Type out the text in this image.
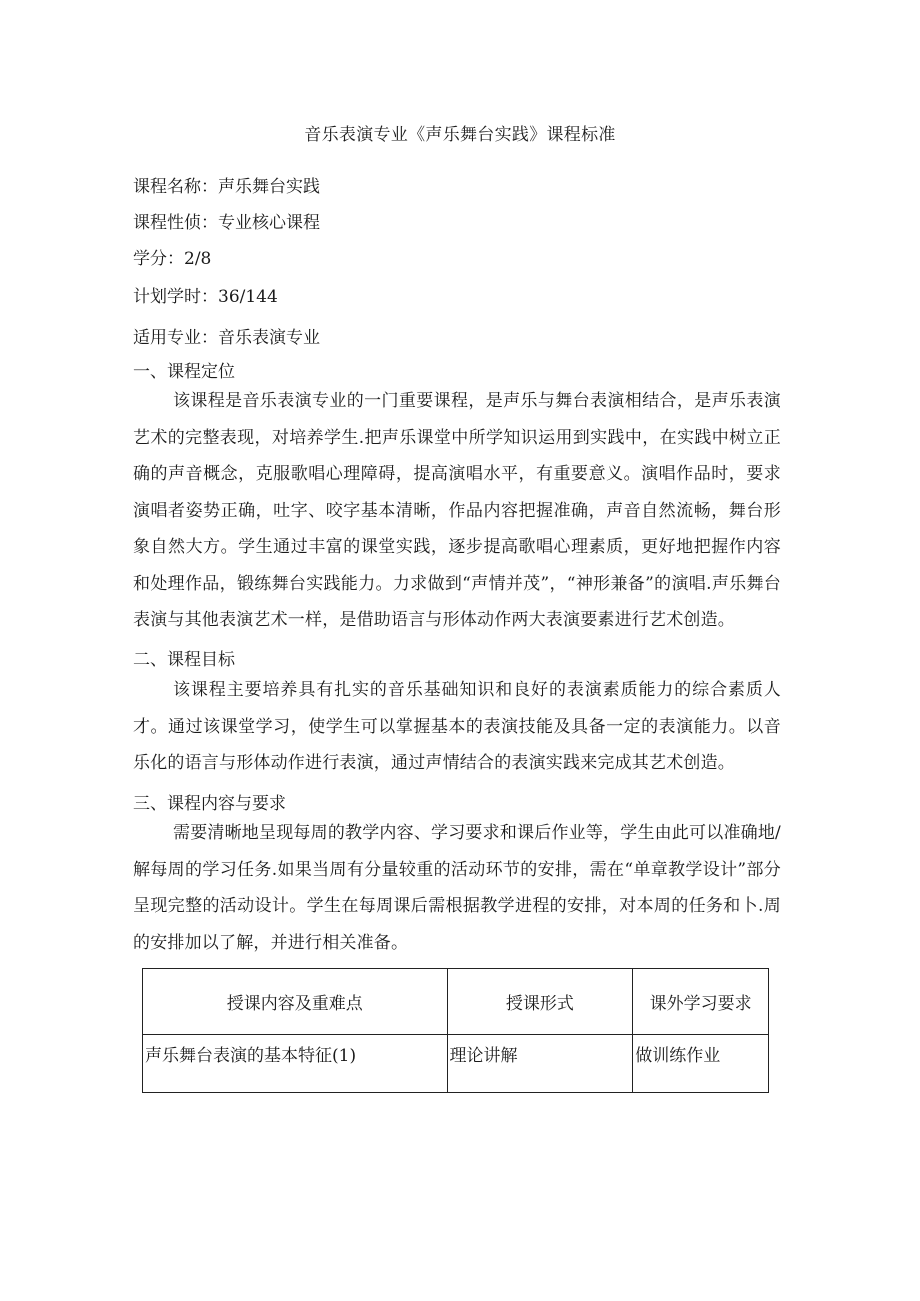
音乐表演专业《声乐舞台实践》课程标准
课程名称：声乐舞台实践
课程性侦：专业核心课程
学分：2/8
计划学时：36/144
适用专业：音乐表演专业
一、课程定位
该课程是音乐表演专业的一门重要课程，是声乐与舞台表演相结合，是声乐表演艺术的完整表现，对培养学生.把声乐课堂中所学知识运用到实践中，在实践中树立正确的声音概念，克服歌唱心理障碍，提高演唱水平，有重要意义。演唱作品时，要求演唱者姿势正确，吐字、咬字基本清晰，作品内容把握准确，声音自然流畅，舞台形象自然大方。学生通过丰富的课堂实践，逐步提高歌唱心理素质，更好地把握作内容和处理作品，锻练舞台实践能力。力求做到“声情并茂”，“神形兼备”的演唱.声乐舞台表演与其他表演艺术一样，是借助语言与形体动作两大表演要素进行艺术创造。
二、课程目标
该课程主要培养具有扎实的音乐基础知识和良好的表演素质能力的综合素质人才。通过该课堂学习，使学生可以掌握基本的表演技能及具备一定的表演能力。以音乐化的语言与形体动作进行表演，通过声情结合的表演实践来完成其艺术创造。
三、课程内容与要求
需要清晰地呈现每周的教学内容、学习要求和课后作业等，学生由此可以准确地/解每周的学习任务.如果当周有分量较重的活动环节的安排，需在“单章教学设计”部分呈现完整的活动设计。学生在每周课后需根据教学进程的安排，对本周的任务和卜.周的安排加以了解，并进行相关准备。
授课内容及重难点	授课形式	课外学习要求
声乐舞台表演的基本特征(1)	理论讲解	做训练作业
